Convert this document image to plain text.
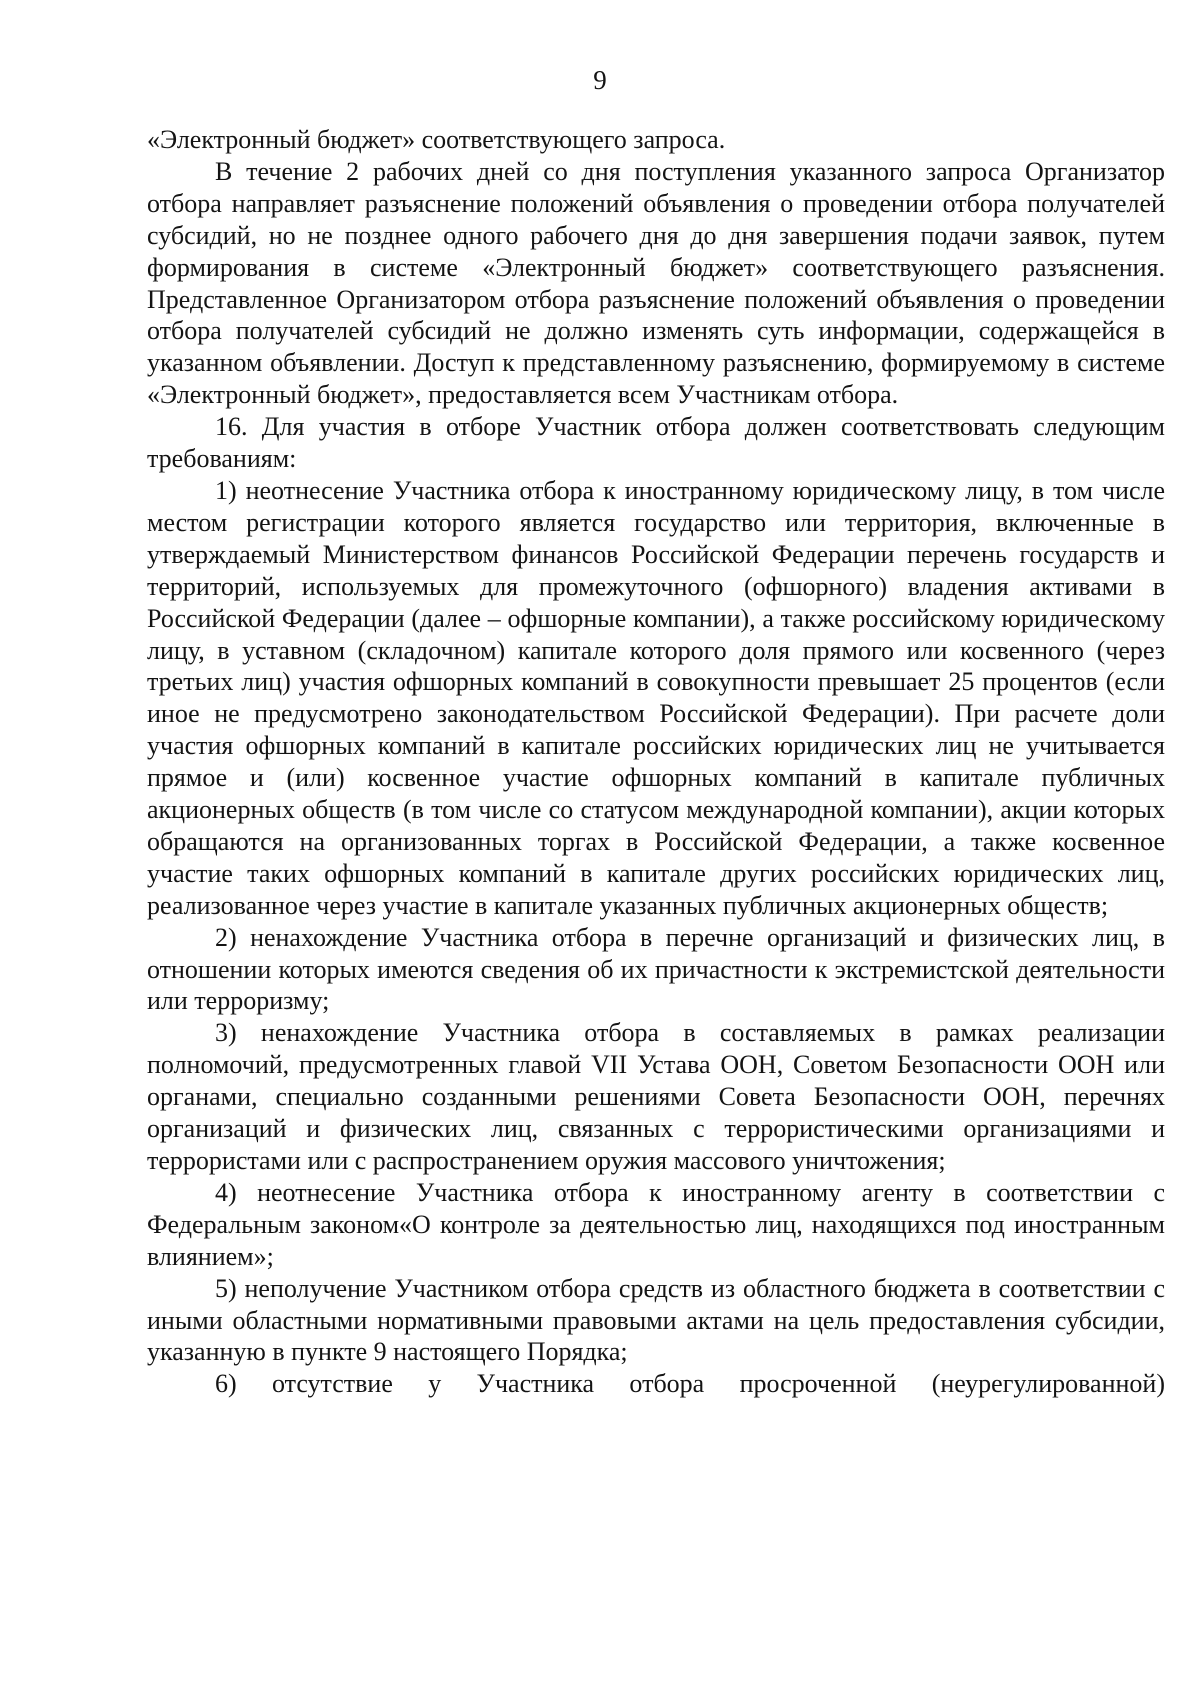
9

«Электронный бюджет» соответствующего запроса.

В течение 2 рабочих дней со дня поступления указанного запроса Организатор отбора направляет разъяснение положений объявления о проведении отбора получателей субсидий, но не позднее одного рабочего дня до дня завершения подачи заявок, путем формирования в системе «Электронный бюджет» соответствующего разъяснения. Представленное Организатором отбора разъяснение положений объявления о проведении отбора получателей субсидий не должно изменять суть информации, содержащейся в указанном объявлении. Доступ к представленному разъяснению, формируемому в системе «Электронный бюджет», предоставляется всем Участникам отбора.

16. Для участия в отборе Участник отбора должен соответствовать следующим требованиям:

1) неотнесение Участника отбора к иностранному юридическому лицу, в том числе местом регистрации которого является государство или территория, включенные в утверждаемый Министерством финансов Российской Федерации перечень государств и территорий, используемых для промежуточного (офшорного) владения активами в Российской Федерации (далее – офшорные компании), а также российскому юридическому лицу, в уставном (складочном) капитале которого доля прямого или косвенного (через третьих лиц) участия офшорных компаний в совокупности превышает 25 процентов (если иное не предусмотрено законодательством Российской Федерации). При расчете доли участия офшорных компаний в капитале российских юридических лиц не учитывается прямое и (или) косвенное участие офшорных компаний в капитале публичных акционерных обществ (в том числе со статусом международной компании), акции которых обращаются на организованных торгах в Российской Федерации, а также косвенное участие таких офшорных компаний в капитале других российских юридических лиц, реализованное через участие в капитале указанных публичных акционерных обществ;

2) ненахождение Участника отбора в перечне организаций и физических лиц, в отношении которых имеются сведения об их причастности к экстремистской деятельности или терроризму;

3) ненахождение Участника отбора в составляемых в рамках реализации полномочий, предусмотренных главой VII Устава ООН, Советом Безопасности ООН или органами, специально созданными решениями Совета Безопасности ООН, перечнях организаций и физических лиц, связанных с террористическими организациями и террористами или с распространением оружия массового уничтожения;

4) неотнесение Участника отбора к иностранному агенту в соответствии с Федеральным законом«О контроле за деятельностью лиц, находящихся под иностранным влиянием»;

5) неполучение Участником отбора средств из областного бюджета в соответствии с иными областными нормативными правовыми актами на цель предоставления субсидии, указанную в пункте 9 настоящего Порядка;

6) отсутствие у Участника отбора просроченной (неурегулированной)
